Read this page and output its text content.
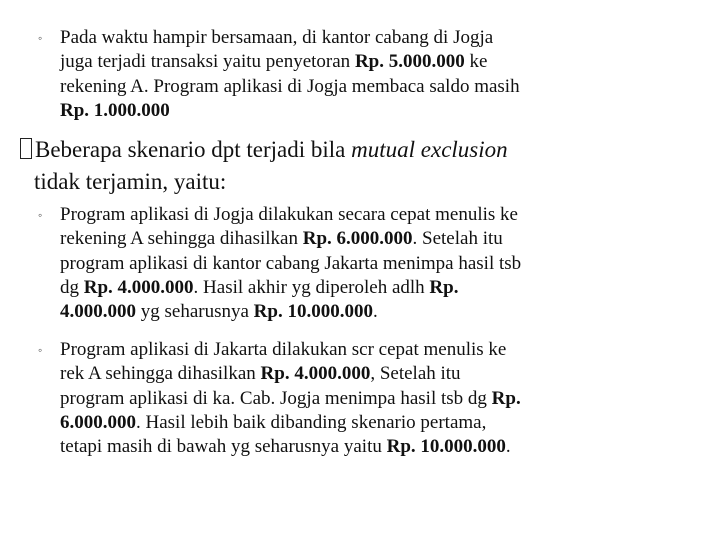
◦ Pada waktu hampir bersamaan, di kantor cabang di Jogja
juga terjadi transaksi yaitu penyetoran Rp. 5.000.000 ke
rekening A. Program aplikasi di Jogja membaca saldo masih
Rp. 1.000.000
Beberapa skenario dpt terjadi bila mutual exclusion
tidak terjamin, yaitu:
◦ Program aplikasi di Jogja dilakukan secara cepat menulis ke
rekening A sehingga dihasilkan Rp. 6.000.000. Setelah itu
program aplikasi di kantor cabang Jakarta menimpa hasil tsb
dg Rp. 4.000.000. Hasil akhir yg diperoleh adlh Rp.
4.000.000 yg seharusnya Rp. 10.000.000.
◦ Program aplikasi di Jakarta dilakukan scr cepat menulis ke
rek A sehingga dihasilkan Rp. 4.000.000, Setelah itu
program aplikasi di ka. Cab. Jogja menimpa hasil tsb dg Rp.
6.000.000. Hasil lebih baik dibanding skenario pertama,
tetapi masih di bawah yg seharusnya yaitu Rp. 10.000.000.
